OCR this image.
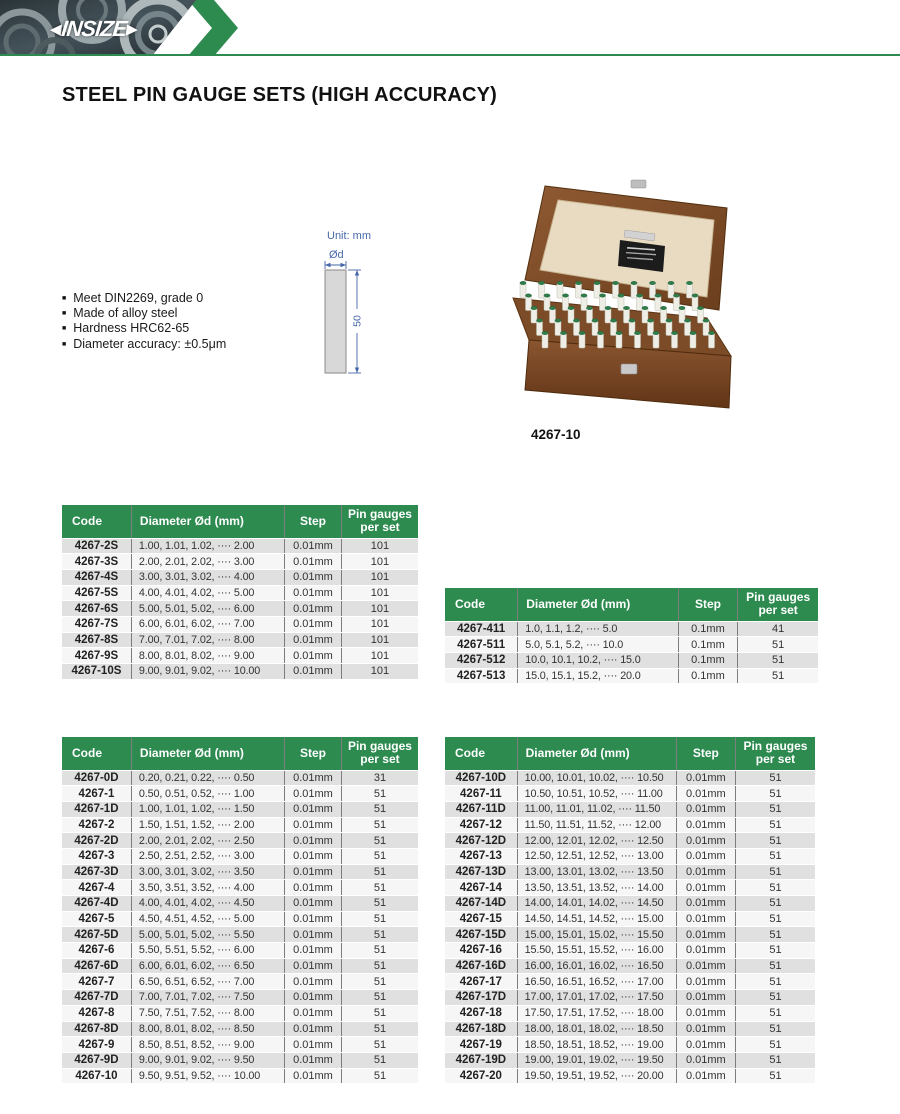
◀INSIZE▶
STEEL PIN GAUGE SETS (HIGH ACCURACY)
■ Meet DIN2269, grade 0
■ Made of alloy steel
■ Hardness HRC62-65
■ Diameter accuracy: ±0.5μm
Unit: mm
Ød
50
4267-10
Code	Diameter Ød (mm)	Step	Pin gauges per set
4267-2S	1.00, 1.01, 1.02, ···· 2.00	0.01mm	101
4267-3S	2.00, 2.01, 2.02, ···· 3.00	0.01mm	101
4267-4S	3.00, 3.01, 3.02, ···· 4.00	0.01mm	101
4267-5S	4.00, 4.01, 4.02, ···· 5.00	0.01mm	101
4267-6S	5.00, 5.01, 5.02, ···· 6.00	0.01mm	101
4267-7S	6.00, 6.01, 6.02, ···· 7.00	0.01mm	101
4267-8S	7.00, 7.01, 7.02, ···· 8.00	0.01mm	101
4267-9S	8.00, 8.01, 8.02, ···· 9.00	0.01mm	101
4267-10S	9.00, 9.01, 9.02, ···· 10.00	0.01mm	101
Code	Diameter Ød (mm)	Step	Pin gauges per set
4267-411	1.0, 1.1, 1.2, ···· 5.0	0.1mm	41
4267-511	5.0, 5.1, 5.2, ···· 10.0	0.1mm	51
4267-512	10.0, 10.1, 10.2, ···· 15.0	0.1mm	51
4267-513	15.0, 15.1, 15.2, ···· 20.0	0.1mm	51
Code	Diameter Ød (mm)	Step	Pin gauges per set
4267-0D	0.20, 0.21, 0.22, ···· 0.50	0.01mm	31
4267-1	0.50, 0.51, 0.52, ···· 1.00	0.01mm	51
4267-1D	1.00, 1.01, 1.02, ···· 1.50	0.01mm	51
4267-2	1.50, 1.51, 1.52, ···· 2.00	0.01mm	51
4267-2D	2.00, 2.01, 2.02, ···· 2.50	0.01mm	51
4267-3	2.50, 2.51, 2.52, ···· 3.00	0.01mm	51
4267-3D	3.00, 3.01, 3.02, ···· 3.50	0.01mm	51
4267-4	3.50, 3.51, 3.52, ···· 4.00	0.01mm	51
4267-4D	4.00, 4.01, 4.02, ···· 4.50	0.01mm	51
4267-5	4.50, 4.51, 4.52, ···· 5.00	0.01mm	51
4267-5D	5.00, 5.01, 5.02, ···· 5.50	0.01mm	51
4267-6	5.50, 5.51, 5.52, ···· 6.00	0.01mm	51
4267-6D	6.00, 6.01, 6.02, ···· 6.50	0.01mm	51
4267-7	6.50, 6.51, 6.52, ···· 7.00	0.01mm	51
4267-7D	7.00, 7.01, 7.02, ···· 7.50	0.01mm	51
4267-8	7.50, 7.51, 7.52, ···· 8.00	0.01mm	51
4267-8D	8.00, 8.01, 8.02, ···· 8.50	0.01mm	51
4267-9	8.50, 8.51, 8.52, ···· 9.00	0.01mm	51
4267-9D	9.00, 9.01, 9.02, ···· 9.50	0.01mm	51
4267-10	9.50, 9.51, 9.52, ···· 10.00	0.01mm	51
Code	Diameter Ød (mm)	Step	Pin gauges per set
4267-10D	10.00, 10.01, 10.02, ···· 10.50	0.01mm	51
4267-11	10.50, 10.51, 10.52, ···· 11.00	0.01mm	51
4267-11D	11.00, 11.01, 11.02, ···· 11.50	0.01mm	51
4267-12	11.50, 11.51, 11.52, ···· 12.00	0.01mm	51
4267-12D	12.00, 12.01, 12.02, ···· 12.50	0.01mm	51
4267-13	12.50, 12.51, 12.52, ···· 13.00	0.01mm	51
4267-13D	13.00, 13.01, 13.02, ···· 13.50	0.01mm	51
4267-14	13.50, 13.51, 13.52, ···· 14.00	0.01mm	51
4267-14D	14.00, 14.01, 14.02, ···· 14.50	0.01mm	51
4267-15	14.50, 14.51, 14.52, ···· 15.00	0.01mm	51
4267-15D	15.00, 15.01, 15.02, ···· 15.50	0.01mm	51
4267-16	15.50, 15.51, 15.52, ···· 16.00	0.01mm	51
4267-16D	16.00, 16.01, 16.02, ···· 16.50	0.01mm	51
4267-17	16.50, 16.51, 16.52, ···· 17.00	0.01mm	51
4267-17D	17.00, 17.01, 17.02, ···· 17.50	0.01mm	51
4267-18	17.50, 17.51, 17.52, ···· 18.00	0.01mm	51
4267-18D	18.00, 18.01, 18.02, ···· 18.50	0.01mm	51
4267-19	18.50, 18.51, 18.52, ···· 19.00	0.01mm	51
4267-19D	19.00, 19.01, 19.02, ···· 19.50	0.01mm	51
4267-20	19.50, 19.51, 19.52, ···· 20.00	0.01mm	51
